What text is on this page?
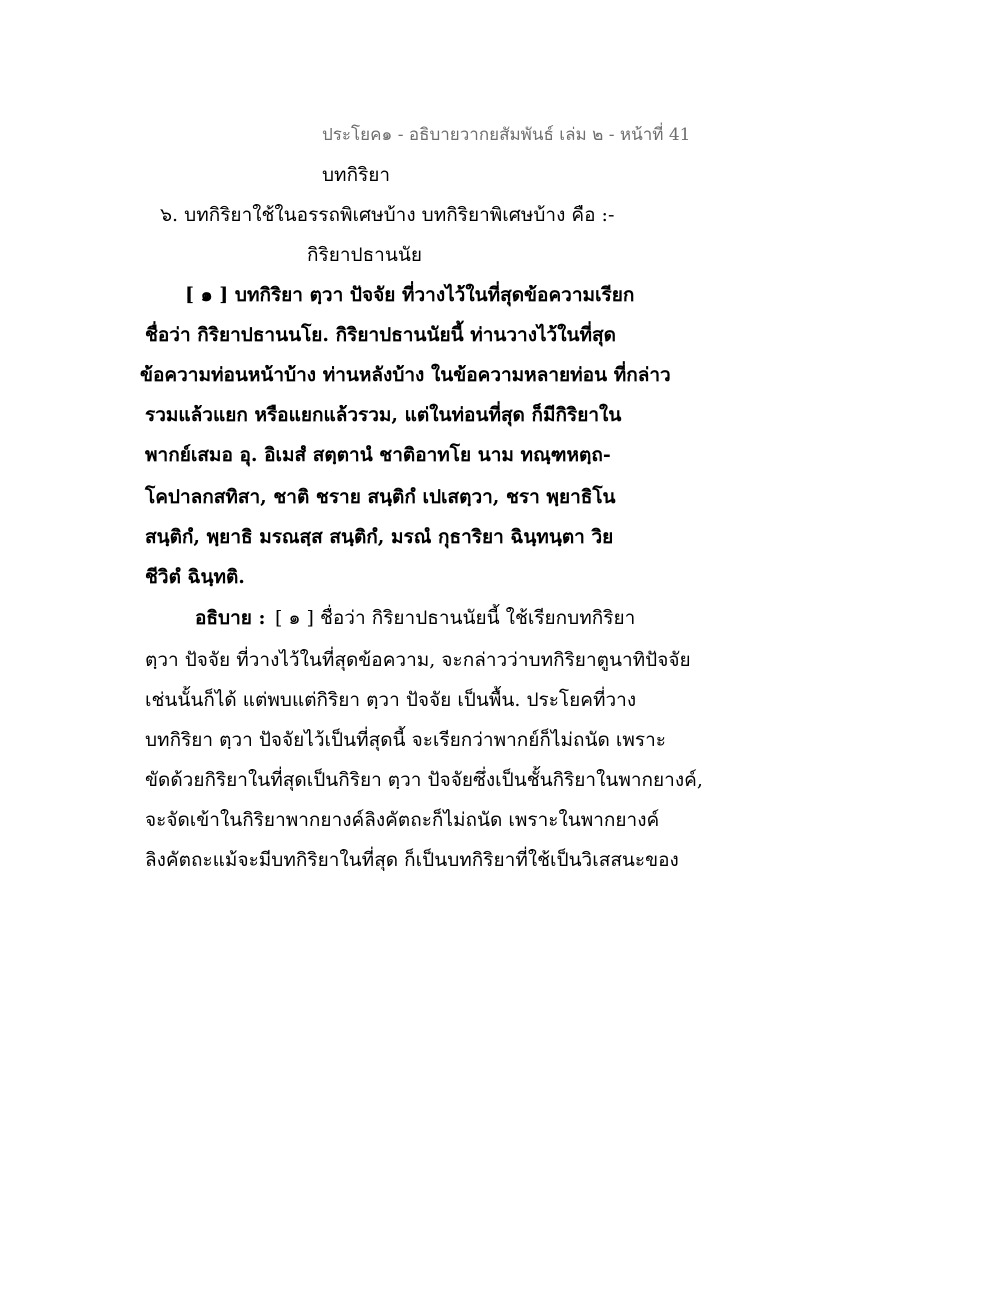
ประโยค๑ - อธิบายวากยสัมพันธ์ เล่ม ๒ - หน้าที่ 41
บทกิริยา
๖. บทกิริยาใช้ในอรรถพิเศษบ้าง บทกิริยาพิเศษบ้าง คือ :-
กิริยาปธานนัย
[ ๑ ] บทกิริยา ตฺวา ปัจจัย ที่วางไว้ในที่สุดข้อความเรียก
ชื่อว่า กิริยาปธานนโย. กิริยาปธานนัยนี้ ท่านวางไว้ในที่สุด
ข้อความท่อนหน้าบ้าง ท่านหลังบ้าง ในข้อความหลายท่อน ที่กล่าว
รวมแล้วแยก หรือแยกแล้วรวม, แต่ในท่อนที่สุด ก็มีกิริยาใน
พากย์เสมอ อุ. อิเมสํ สตฺตานํ ชาติอาทโย นาม ทณฺฑหตฺถ-
โคปาลกสทิสา, ชาติ ชราย สนฺติกํ เปเสตฺวา, ชรา พฺยาธิโน
สนฺติกํ, พฺยาธิ มรณสฺส สนฺติกํ, มรณํ กุธาริยา ฉินฺทนฺตา วิย
ชีวิตํ ฉินฺทติ.
อธิบาย : [ ๑ ] ชื่อว่า กิริยาปธานนัยนี้ ใช้เรียกบทกิริยา
ตฺวา ปัจจัย ที่วางไว้ในที่สุดข้อความ, จะกล่าวว่าบทกิริยาตูนาทิปัจจัย
เช่นนั้นก็ได้ แต่พบแต่กิริยา ตฺวา ปัจจัย เป็นพื้น. ประโยคที่วาง
บทกิริยา ตฺวา ปัจจัยไว้เป็นที่สุดนี้ จะเรียกว่าพากย์ก็ไม่ถนัด เพราะ
ขัดด้วยกิริยาในที่สุดเป็นกิริยา ตฺวา ปัจจัยซึ่งเป็นชั้นกิริยาในพากยางค์,
จะจัดเข้าในกิริยาพากยางค์ลิงคัตถะก็ไม่ถนัด เพราะในพากยางค์
ลิงคัตถะแม้จะมีบทกิริยาในที่สุด ก็เป็นบทกิริยาที่ใช้เป็นวิเสสนะของ
